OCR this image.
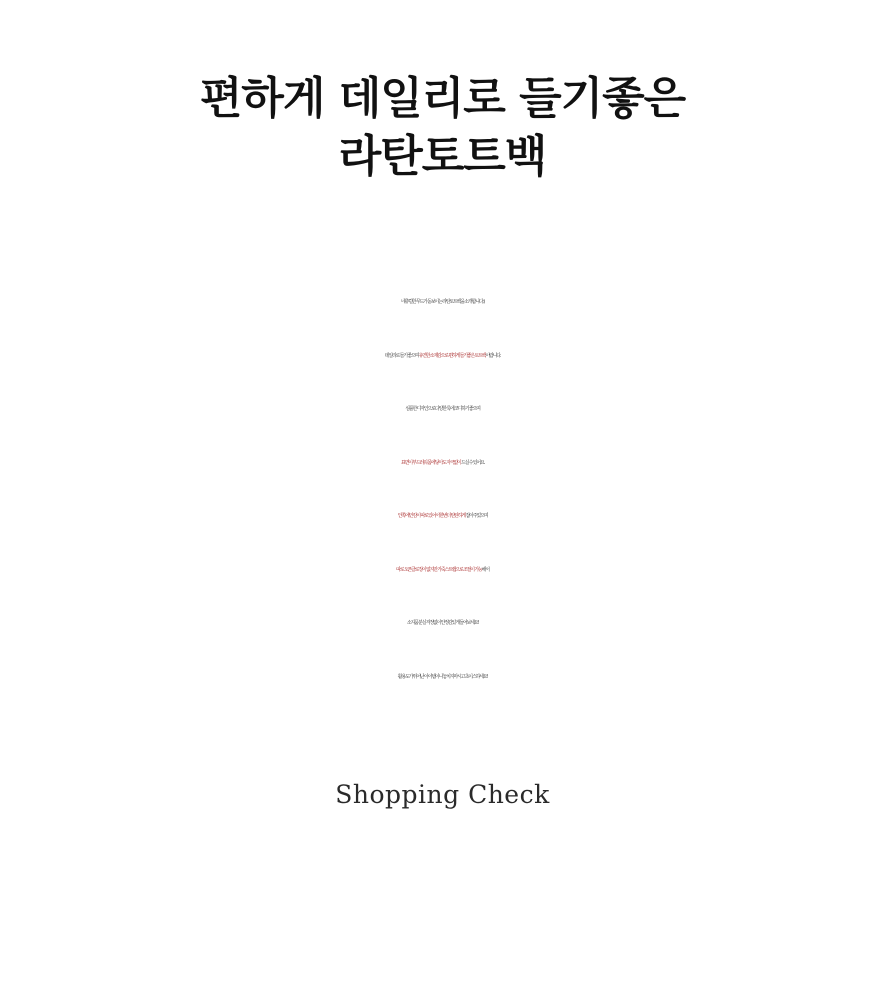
편하게 데일리로 들기좋은
라탄토트백
네츄럴한 무드가 돋보이는 라탄토트백을 소개합니다 :)
데일리로 들기 좋으며 유연한 소재감으로 편하게 들기좋은 토트백이랍니다.
심플한 디자인으로 다양한 룩에 코디하기 좋으며
표면이 부드러워 몸에 닿아도 자극없이 드실 수 있어요.
안쪽에 안감이 따로 있어서 한번더 탄탄하게 잡아주었으며
따로 오픈클로징이 없지만 가죽스트랩으로 조절이 가능해서
소지품 분실 걱정없이 안정감있게 들어보세요!
활용도가 뛰어난 아이템이니 놓치지마시고 초이스하세요!
Shopping Check
